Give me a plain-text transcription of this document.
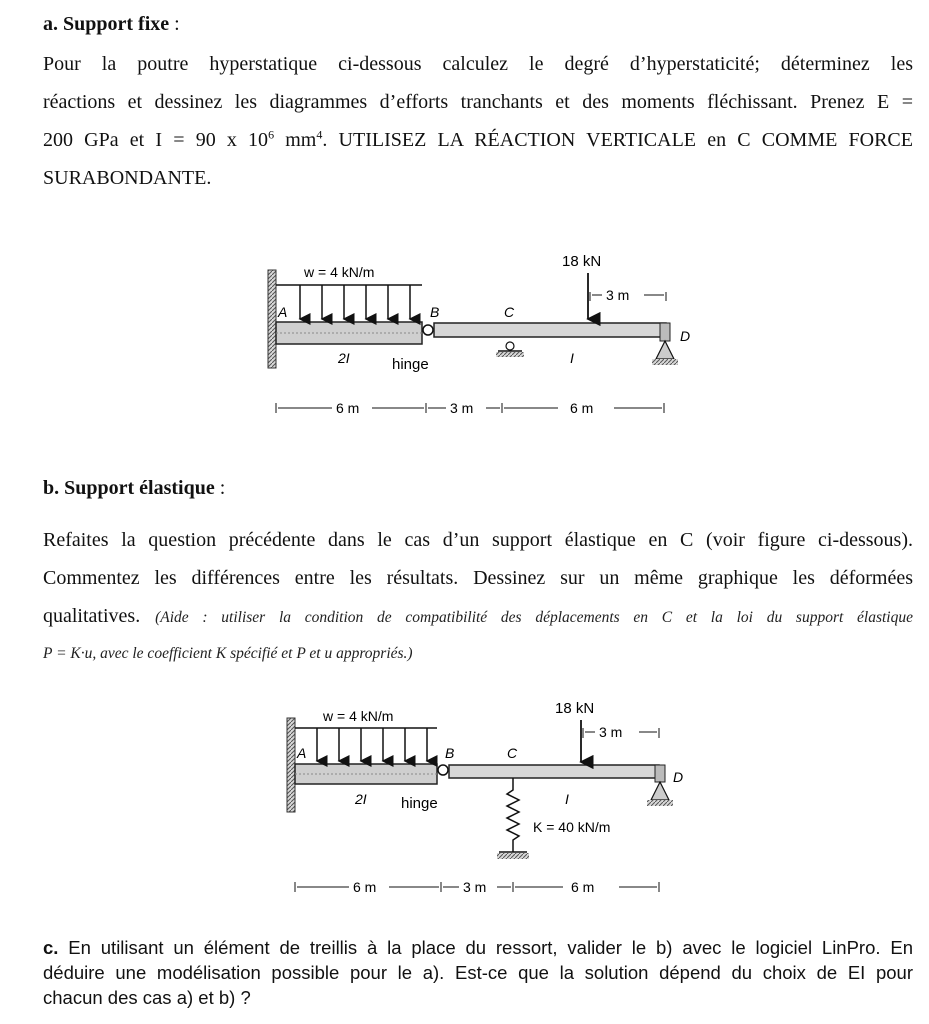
a. Support fixe :
Pour la poutre hyperstatique ci-dessous calculez le degré d’hyperstaticité; déterminez les
réactions et dessinez les diagrammes d’efforts tranchants et des moments fléchissant. Prenez E =
200 GPa et I = 90 x $10^6$ $mm^4$. UTILISEZ LA RÉACTION VERTICALE en C COMME FORCE
SURABONDANTE.
18 kN
w = 4 kN/m
3 m
A	B	C
D
2I	I
hinge
6 m	3 m	6 m
b. Support élastique :
Refaites la question précédente dans le cas d’un support élastique en C (voir figure ci-dessous).
Commentez les différences entre les résultats. Dessinez sur un même graphique les déformées
qualitatives. (Aide : utiliser la condition de compatibilité des déplacements en C et la loi du support élastique
P = K·u, avec le coefficient K spécifié et P et u appropriés.)
18 kN
w = 4 kN/m
3 m
A	B	C
D
2I	I
hinge
K = 40 kN/m
6 m	3 m	6 m
c. En utilisant un élément de treillis à la place du ressort, valider le b) avec le logiciel LinPro. En
déduire une modélisation possible pour le a). Est-ce que la solution dépend du choix de EI pour
chacun des cas a) et b) ?
